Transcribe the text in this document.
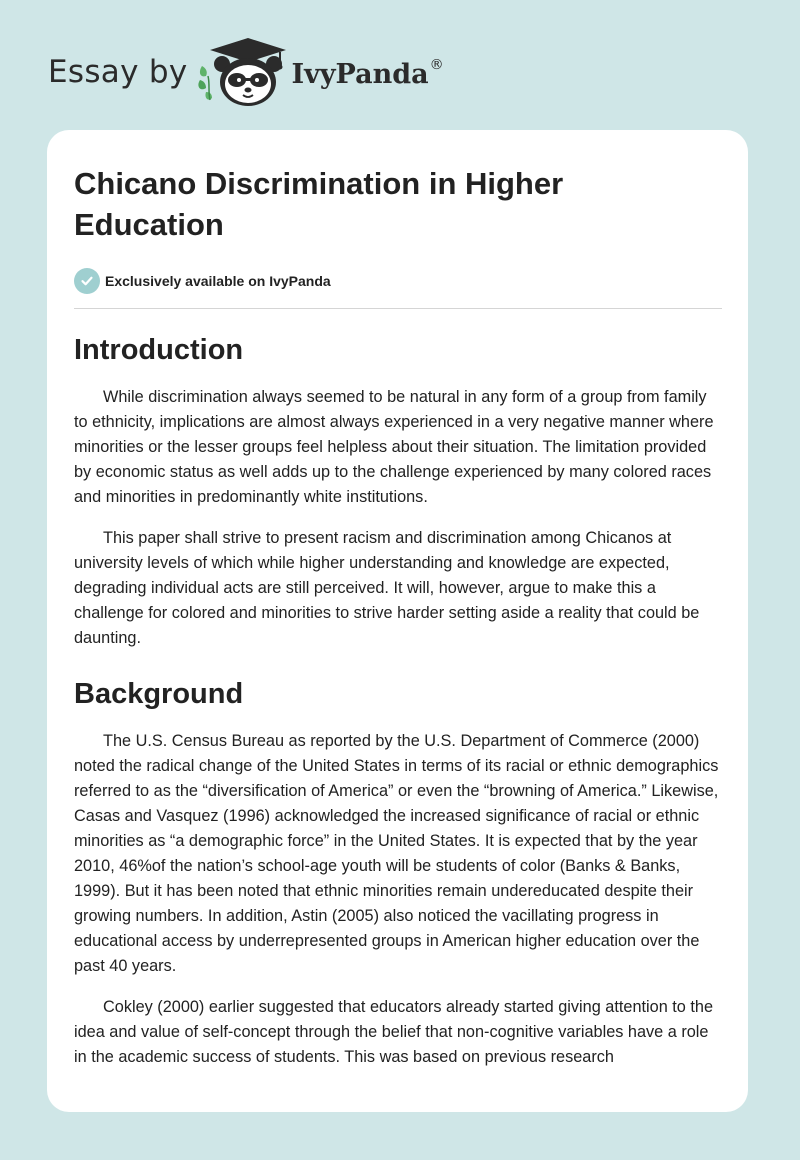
Essay by	IvyPanda®
Chicano Discrimination in Higher Education
Exclusively available on IvyPanda
Introduction

While discrimination always seemed to be natural in any form of a group from family to ethnicity, implications are almost always experienced in a very negative manner where minorities or the lesser groups feel helpless about their situation. The limitation provided by economic status as well adds up to the challenge experienced by many colored races and minorities in predominantly white institutions.

This paper shall strive to present racism and discrimination among Chicanos at university levels of which while higher understanding and knowledge are expected, degrading individual acts are still perceived. It will, however, argue to make this a challenge for colored and minorities to strive harder setting aside a reality that could be daunting.

Background

The U.S. Census Bureau as reported by the U.S. Department of Commerce (2000) noted the radical change of the United States in terms of its racial or ethnic demographics referred to as the “diversification of America” or even the “browning of America.” Likewise, Casas and Vasquez (1996) acknowledged the increased significance of racial or ethnic minorities as “a demographic force” in the United States. It is expected that by the year 2010, 46%of the nation’s school-age youth will be students of color (Banks & Banks, 1999). But it has been noted that ethnic minorities remain undereducated despite their growing numbers. In addition, Astin (2005) also noticed the vacillating progress in educational access by underrepresented groups in American higher education over the past 40 years.

Cokley (2000) earlier suggested that educators already started giving attention to the idea and value of self-concept through the belief that non-cognitive variables have a role in the academic success of students. This was based on previous research
